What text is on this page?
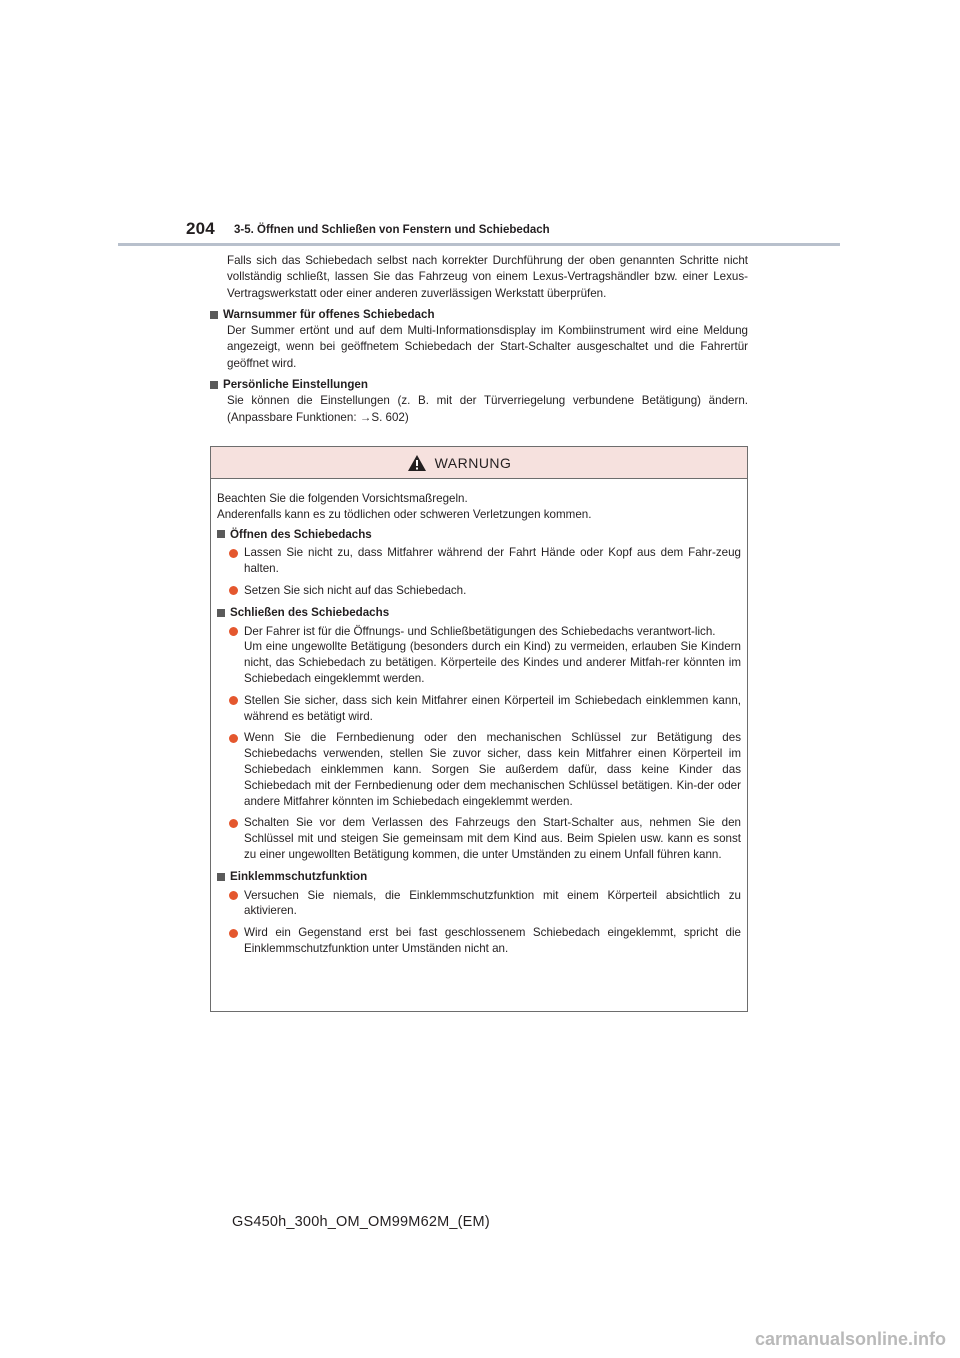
204 3-5. Öffnen und Schließen von Fenstern und Schiebedach

Falls sich das Schiebedach selbst nach korrekter Durchführung der oben genannten Schritte nicht vollständig schließt, lassen Sie das Fahrzeug von einem Lexus-Vertragshändler bzw. einer Lexus-Vertragswerkstatt oder einer anderen zuverlässigen Werkstatt überprüfen.

Warnsummer für offenes Schiebedach

Der Summer ertönt und auf dem Multi-Informationsdisplay im Kombiinstrument wird eine Meldung angezeigt, wenn bei geöffnetem Schiebedach der Start-Schalter ausgeschaltet und die Fahrertür geöffnet wird.

Persönliche Einstellungen

Sie können die Einstellungen (z. B. mit der Türverriegelung verbundene Betätigung) ändern. (Anpassbare Funktionen: →S. 602)

WARNUNG
Beachten Sie die folgenden Vorsichtsmaßregeln.
Anderenfalls kann es zu tödlichen oder schweren Verletzungen kommen.
Öffnen des Schiebedachs
Lassen Sie nicht zu, dass Mitfahrer während der Fahrt Hände oder Kopf aus dem Fahr-zeug halten.
Setzen Sie sich nicht auf das Schiebedach.
Schließen des Schiebedachs
Der Fahrer ist für die Öffnungs- und Schließbetätigungen des Schiebedachs verantwort-lich.
Um eine ungewollte Betätigung (besonders durch ein Kind) zu vermeiden, erlauben Sie Kindern nicht, das Schiebedach zu betätigen. Körperteile des Kindes und anderer Mitfah-rer könnten im Schiebedach eingeklemmt werden.
Stellen Sie sicher, dass sich kein Mitfahrer einen Körperteil im Schiebedach einklemmen kann, während es betätigt wird.
Wenn Sie die Fernbedienung oder den mechanischen Schlüssel zur Betätigung des Schiebedachs verwenden, stellen Sie zuvor sicher, dass kein Mitfahrer einen Körperteil im Schiebedach einklemmen kann. Sorgen Sie außerdem dafür, dass keine Kinder das Schiebedach mit der Fernbedienung oder dem mechanischen Schlüssel betätigen. Kin-der oder andere Mitfahrer könnten im Schiebedach eingeklemmt werden.
Schalten Sie vor dem Verlassen des Fahrzeugs den Start-Schalter aus, nehmen Sie den Schlüssel mit und steigen Sie gemeinsam mit dem Kind aus. Beim Spielen usw. kann es sonst zu einer ungewollten Betätigung kommen, die unter Umständen zu einem Unfall führen kann.
Einklemmschutzfunktion
Versuchen Sie niemals, die Einklemmschutzfunktion mit einem Körperteil absichtlich zu aktivieren.
Wird ein Gegenstand erst bei fast geschlossenem Schiebedach eingeklemmt, spricht die Einklemmschutzfunktion unter Umständen nicht an.
GS450h_300h_OM_OM99M62M_(EM)
carmanualsonline.info
